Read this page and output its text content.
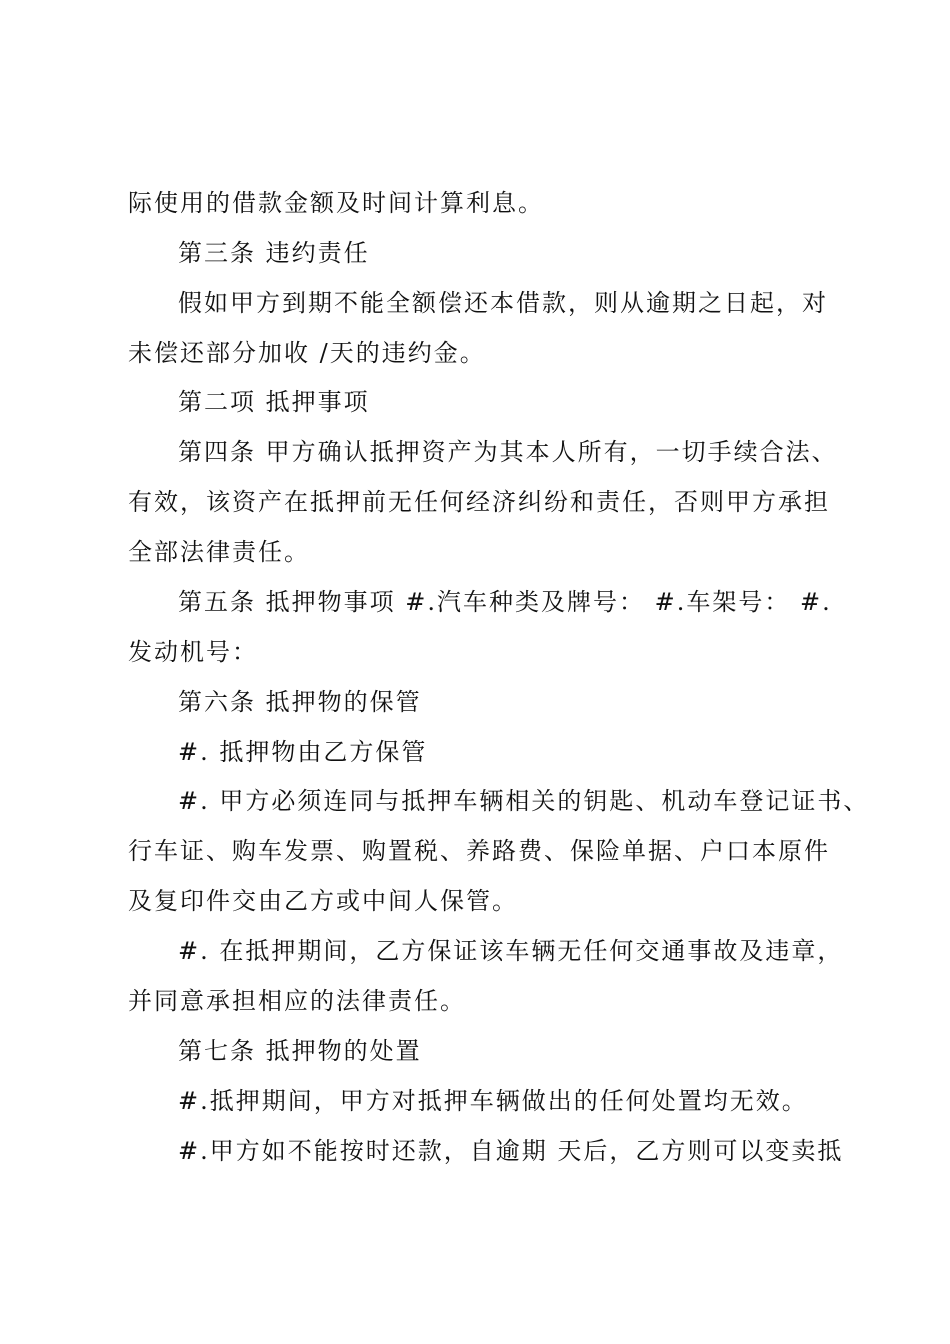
际使用的借款金额及时间计算利息。
第三条 违约责任
假如甲方到期不能全额偿还本借款，则从逾期之日起，对
未偿还部分加收 /天的违约金。
第二项 抵押事项
第四条 甲方确认抵押资产为其本人所有，一切手续合法、
有效，该资产在抵押前无任何经济纠纷和责任，否则甲方承担
全部法律责任。
第五条 抵押物事项 #.汽车种类及牌号： #.车架号： #.
发动机号：
第六条 抵押物的保管
#. 抵押物由乙方保管
#. 甲方必须连同与抵押车辆相关的钥匙、机动车登记证书、
行车证、购车发票、购置税、养路费、保险单据、户口本原件
及复印件交由乙方或中间人保管。
#. 在抵押期间，乙方保证该车辆无任何交通事故及违章，
并同意承担相应的法律责任。
第七条 抵押物的处置
#.抵押期间，甲方对抵押车辆做出的任何处置均无效。
#.甲方如不能按时还款，自逾期 天后，乙方则可以变卖抵
